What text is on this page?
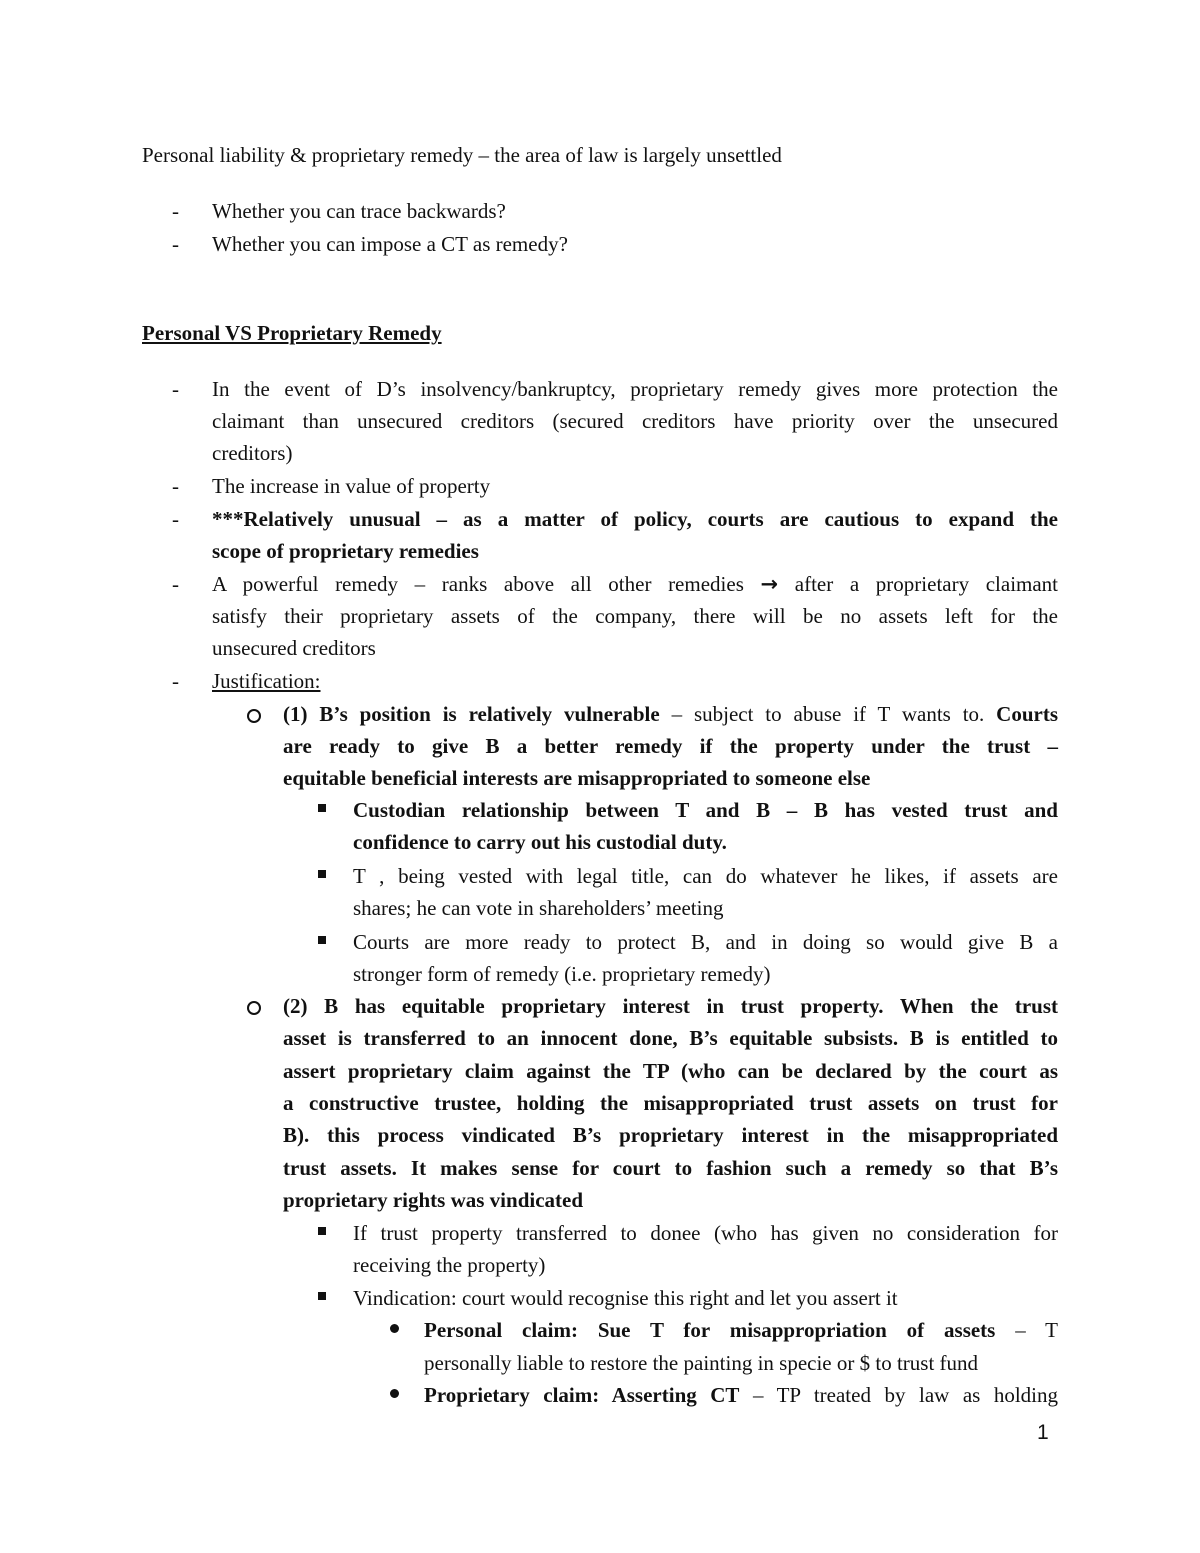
Personal liability & proprietary remedy – the area of law is largely unsettled
- Whether you can trace backwards?
- Whether you can impose a CT as remedy?
Personal VS Proprietary Remedy
- In the event of D’s insolvency/bankruptcy, proprietary remedy gives more protection the
claimant than unsecured creditors (secured creditors have priority over the unsecured
creditors)
- The increase in value of property
- ***Relatively unusual – as a matter of policy, courts are cautious to expand the
scope of proprietary remedies
- A powerful remedy – ranks above all other remedies → after a proprietary claimant
satisfy their proprietary assets of the company, there will be no assets left for the
unsecured creditors
- Justification:
(1) B’s position is relatively vulnerable – subject to abuse if T wants to. Courts
are ready to give B a better remedy if the property under the trust –
equitable beneficial interests are misappropriated to someone else
Custodian relationship between T and B – B has vested trust and
confidence to carry out his custodial duty.
T , being vested with legal title, can do whatever he likes, if assets are
shares; he can vote in shareholders’ meeting
Courts are more ready to protect B, and in doing so would give B a
stronger form of remedy (i.e. proprietary remedy)
(2) B has equitable proprietary interest in trust property. When the trust
asset is transferred to an innocent done, B’s equitable subsists. B is entitled to
assert proprietary claim against the TP (who can be declared by the court as
a constructive trustee, holding the misappropriated trust assets on trust for
B). this process vindicated B’s proprietary interest in the misappropriated
trust assets. It makes sense for court to fashion such a remedy so that B’s
proprietary rights was vindicated
If trust property transferred to donee (who has given no consideration for
receiving the property)
Vindication: court would recognise this right and let you assert it
Personal claim: Sue T for misappropriation of assets – T
personally liable to restore the painting in specie or $ to trust fund
Proprietary claim: Asserting CT – TP treated by law as holding
1
